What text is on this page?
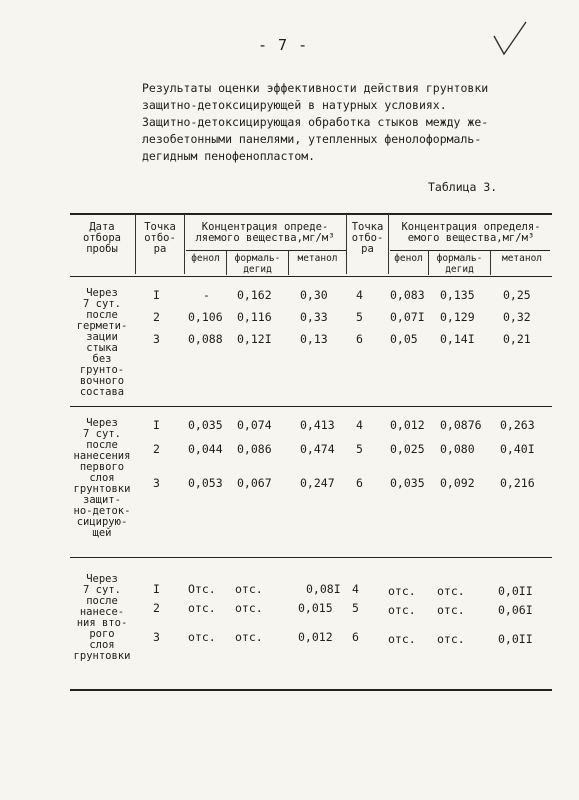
- 7 -
Результаты оценки эффективности действия грунтовки
защитно-детоксицирующей в натурных условиях.
Защитно-детоксицирующая обработка стыков между же-
лезобетонными панелями, утепленных фенолоформаль-
дегидным пенофенопластом.
Таблица 3.
Дата
отбора
пробы
Точка
отбо-
ра
Концентрация опреде-
ляемого вещества,мг/м³
Точка
отбо-
ра
Концентрация определя-
емого вещества,мг/м³
фенол	формаль-
дегид
метанол	фенол	формаль-
дегид
метанол
Через
7 сут.
после
гермети-
зации
стыка
без
грунто-
вочного
состава
I	- 0,162 0,30 4 0,083 0,135 0,25
2 0,106 0,116 0,33 5 0,07I 0,129 0,32
3 0,088 0,12I 0,13 6 0,05 0,14I 0,21
Через
7 сут.
после
нанесения
первого
слоя
грунтовки
защит-
но-деток-
сицирую-
щей
I 0,035 0,074 0,413 4 0,012 0,0876 0,263
2 0,044 0,086 0,474 5 0,025 0,080 0,40I
3 0,053 0,067 0,247 6 0,035 0,092 0,216
Через
7 сут.
после
нанесе-
ния вто-
рого
слоя
грунтовки
I Отс. отс.	0,08I 4	отс. отс.	0,0II
2 отс. отс.	0,015 5	отс. отс.	0,06I
3 отс. отс.	0,012 6	отс. отс.	0,0II
